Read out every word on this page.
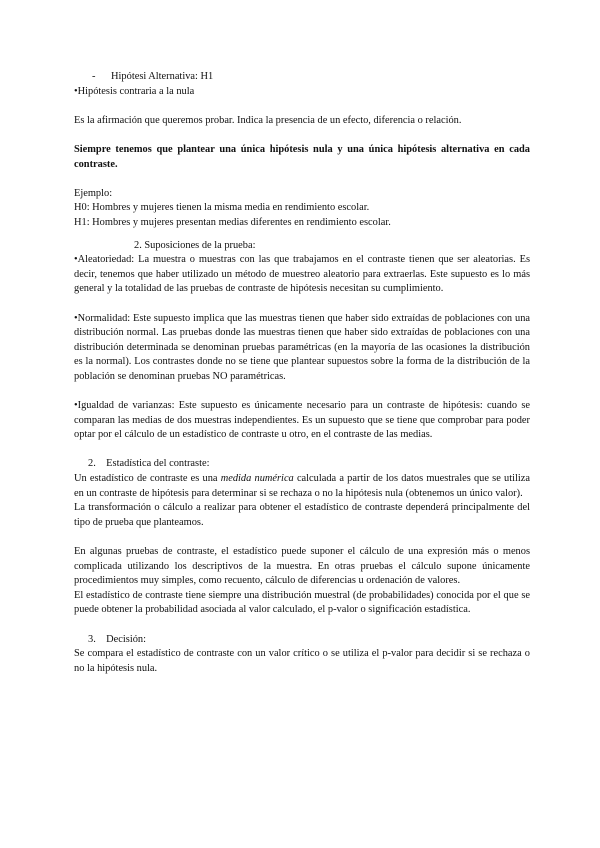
-      Hipótesi Alternativa: H1

•Hipótesis contraria a la nula

Es la afirmación que queremos probar. Indica la presencia de un efecto, diferencia o relación.

Siempre tenemos que plantear una única hipótesis nula y una única hipótesis alternativa en cada contraste.

Ejemplo:

H0: Hombres y mujeres tienen la misma media en rendimiento escolar.

H1: Hombres y mujeres presentan medias diferentes en rendimiento escolar.

2. Suposiciones de la prueba:

•Aleatoriedad: La muestra o muestras con las que trabajamos en el contraste tienen que ser aleatorias. Es decir, tenemos que haber utilizado un método de muestreo aleatorio para extraerlas. Este supuesto es lo más general y la totalidad de las pruebas de contraste de hipótesis necesitan su cumplimiento.

•Normalidad: Este supuesto implica que las muestras tienen que haber sido extraídas de poblaciones con una distribución normal. Las pruebas donde las muestras tienen que haber sido extraídas de poblaciones con una distribución determinada se denominan pruebas paramétricas (en la mayoría de las ocasiones la distribución es la normal). Los contrastes donde no se tiene que plantear supuestos sobre la forma de la distribución de la población se denominan pruebas NO paramétricas.

•Igualdad de varianzas: Este supuesto es únicamente necesario para un contraste de hipótesis: cuando se comparan las medias de dos muestras independientes. Es un supuesto que se tiene que comprobar para poder optar por el cálculo de un estadístico de contraste u otro, en el contraste de las medias.

2.    Estadística del contraste:

Un estadístico de contraste es una medida numérica calculada a partir de los datos muestrales que se utiliza en un contraste de hipótesis para determinar si se rechaza o no la hipótesis nula (obtenemos un único valor).

La transformación o cálculo a realizar para obtener el estadístico de contraste dependerá principalmente del tipo de prueba que planteamos.

En algunas pruebas de contraste, el estadístico puede suponer el cálculo de una expresión más o menos complicada utilizando los descriptivos de la muestra. En otras pruebas el cálculo supone únicamente procedimientos muy simples, como recuento, cálculo de diferencias u ordenación de valores.

El estadístico de contraste tiene siempre una distribución muestral (de probabilidades) conocida por el que se puede obtener la probabilidad asociada al valor calculado, el p-valor o significación estadística.

3.    Decisión:

Se compara el estadístico de contraste con un valor crítico o se utiliza el p-valor para decidir si se rechaza o no la hipótesis nula.
